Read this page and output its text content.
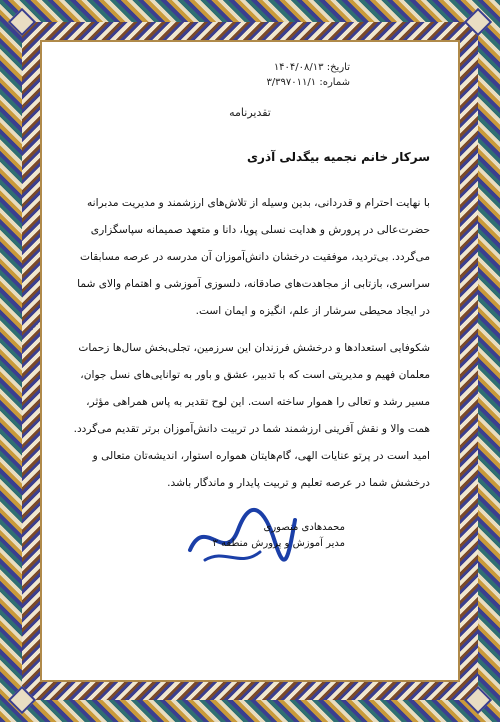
تاریخ: ۱۴۰۴/۰۸/۱۳
شماره: ۳/۳۹۷۰۱۱/۱
تقدیرنامه
سرکار خانم نجمیه بیگدلی آذری

با نهایت احترام و قدردانی، بدین وسیله از تلاش‌های ارزشمند و مدیریت مدبرانه حضرت‌عالی در پرورش و هدایت نسلی پویا، دانا و متعهد صمیمانه سپاسگزاری می‌گردد. بی‌تردید، موفقیت درخشان دانش‌آموزان آن مدرسه در عرصه مسابقات سراسری، بازتابی از مجاهدت‌های صادقانه، دلسوزی آموزشی و اهتمام والای شما در ایجاد محیطی سرشار از علم، انگیزه و ایمان است.

شکوفایی استعدادها و درخشش فرزندان این سرزمین، تجلی‌بخش سال‌ها زحمات معلمان فهیم و مدیریتی است که با تدبیر، عشق و باور به توانایی‌های نسل جوان، مسیر رشد و تعالی را هموار ساخته است. این لوح تقدیر به پاس همراهی مؤثر، همت والا و نقش آفرینی ارزشمند شما در تربیت دانش‌آموزان برتر تقدیم می‌گردد. امید است در پرتو عنایات الهی، گام‌هایتان همواره استوار، اندیشه‌تان متعالی و درخشش شما در عرصه تعلیم و تربیت پایدار و ماندگار باشد.

محمدهادی منصوری
مدیر آموزش و پرورش منطقه ۳
